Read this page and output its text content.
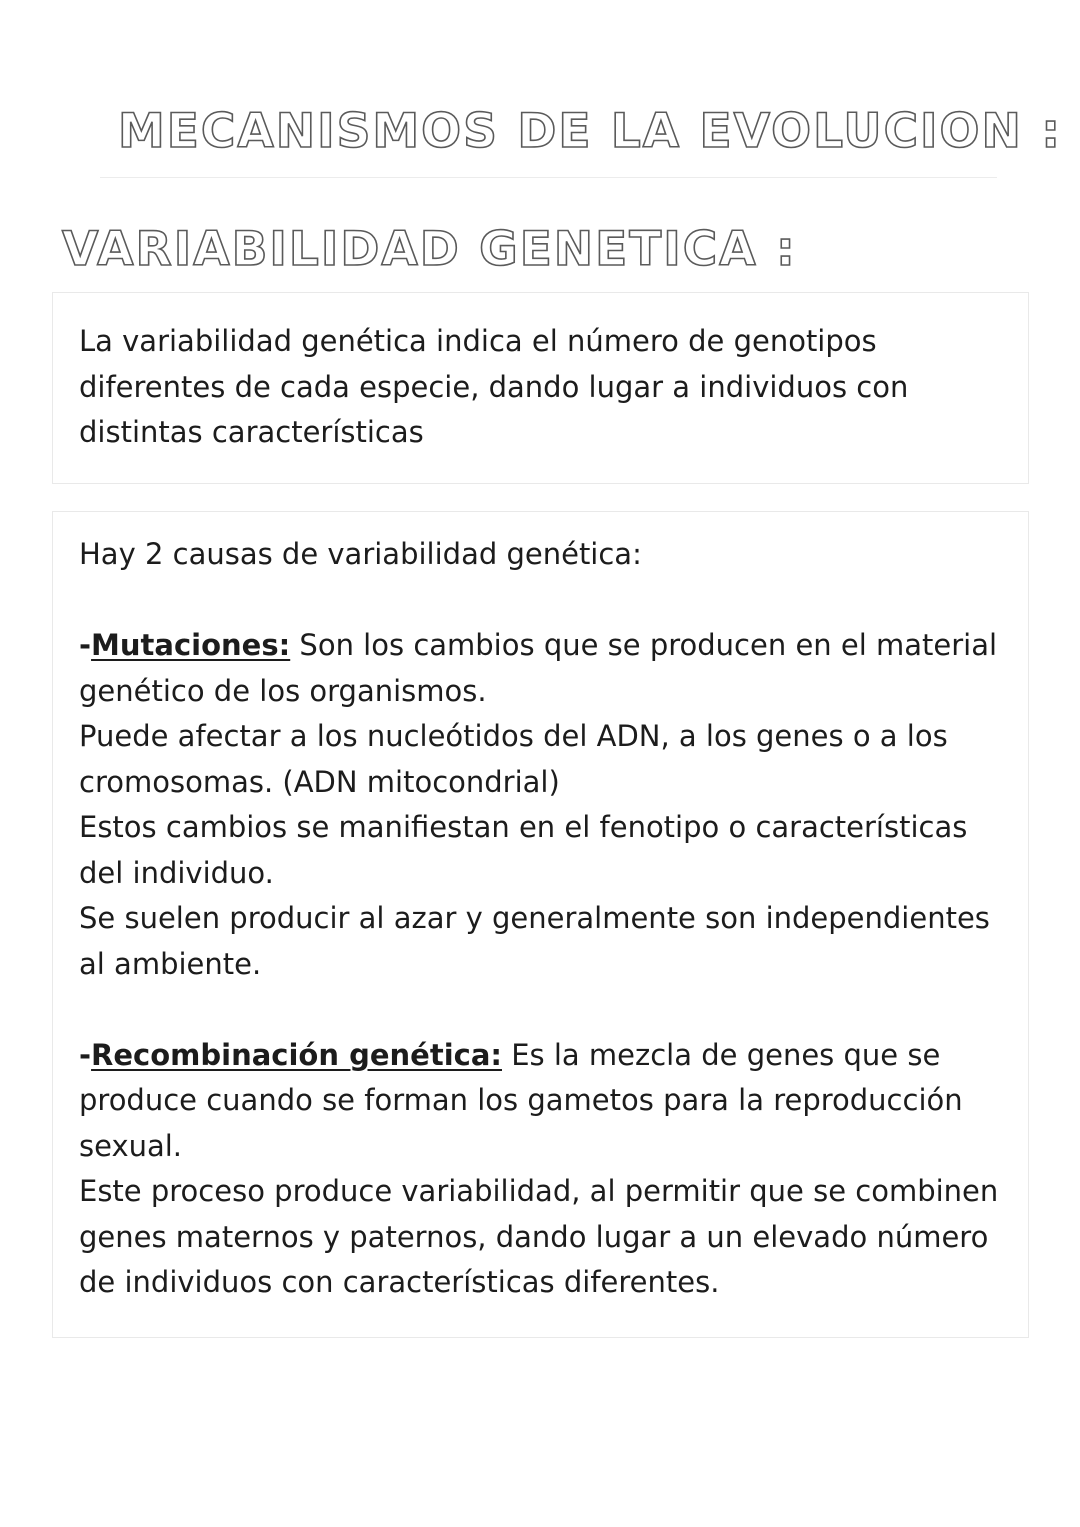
MECANISMOS DE LA EVOLUCION :
VARIABILIDAD GENETICA :

La variabilidad genética indica el número de genotipos diferentes de cada especie, dando lugar a individuos con distintas características

Hay 2 causas de variabilidad genética:

-Mutaciones: Son los cambios que se producen en el material genético de los organismos.

Puede afectar a los nucleótidos del ADN, a los genes o a los cromosomas. (ADN mitocondrial)

Estos cambios se manifiestan en el fenotipo o características del individuo.

Se suelen producir al azar y generalmente son independientes al ambiente.

-Recombinación genética: Es la mezcla de genes que se produce cuando se forman los gametos para la reproducción sexual.

Este proceso produce variabilidad, al permitir que se combinen genes maternos y paternos, dando lugar a un elevado número de individuos con características diferentes.
